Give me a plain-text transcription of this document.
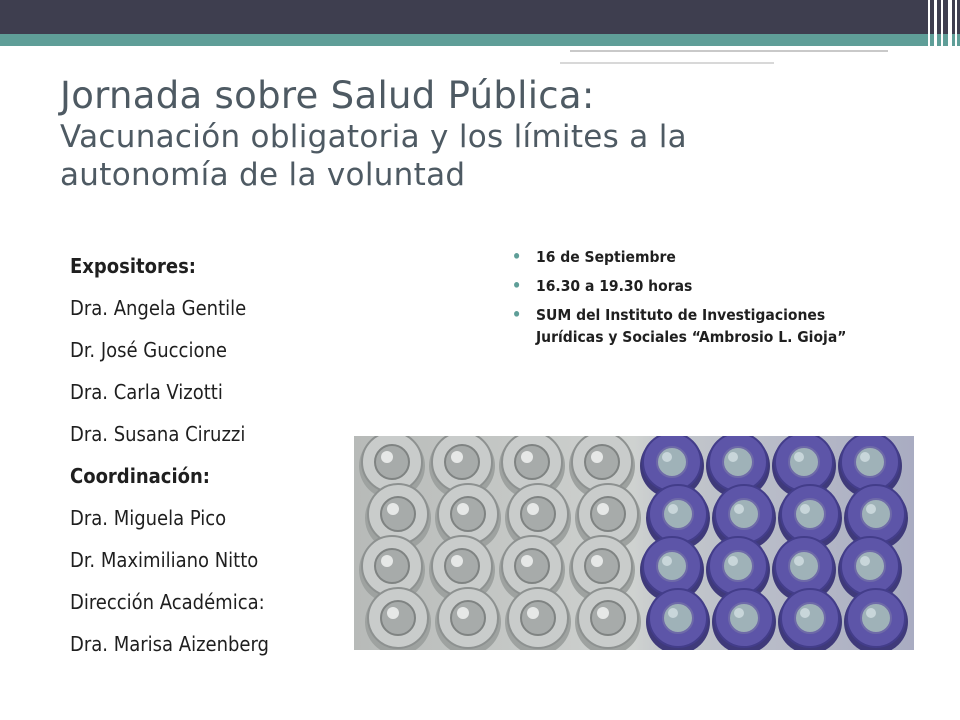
Jornada sobre Salud Pública:
Vacunación obligatoria y los límites a la
autonomía de la voluntad
Expositores:
Dra. Angela Gentile
Dr. José Guccione
Dra. Carla Vizotti
Dra. Susana Ciruzzi
Coordinación:
Dra. Miguela Pico
Dr. Maximiliano Nitto
Dirección Académica:
Dra. Marisa Aizenberg
• 16 de Septiembre
• 16.30 a 19.30 horas
• SUM del Instituto de Investigaciones
Jurídicas y Sociales “Ambrosio L. Gioja”
